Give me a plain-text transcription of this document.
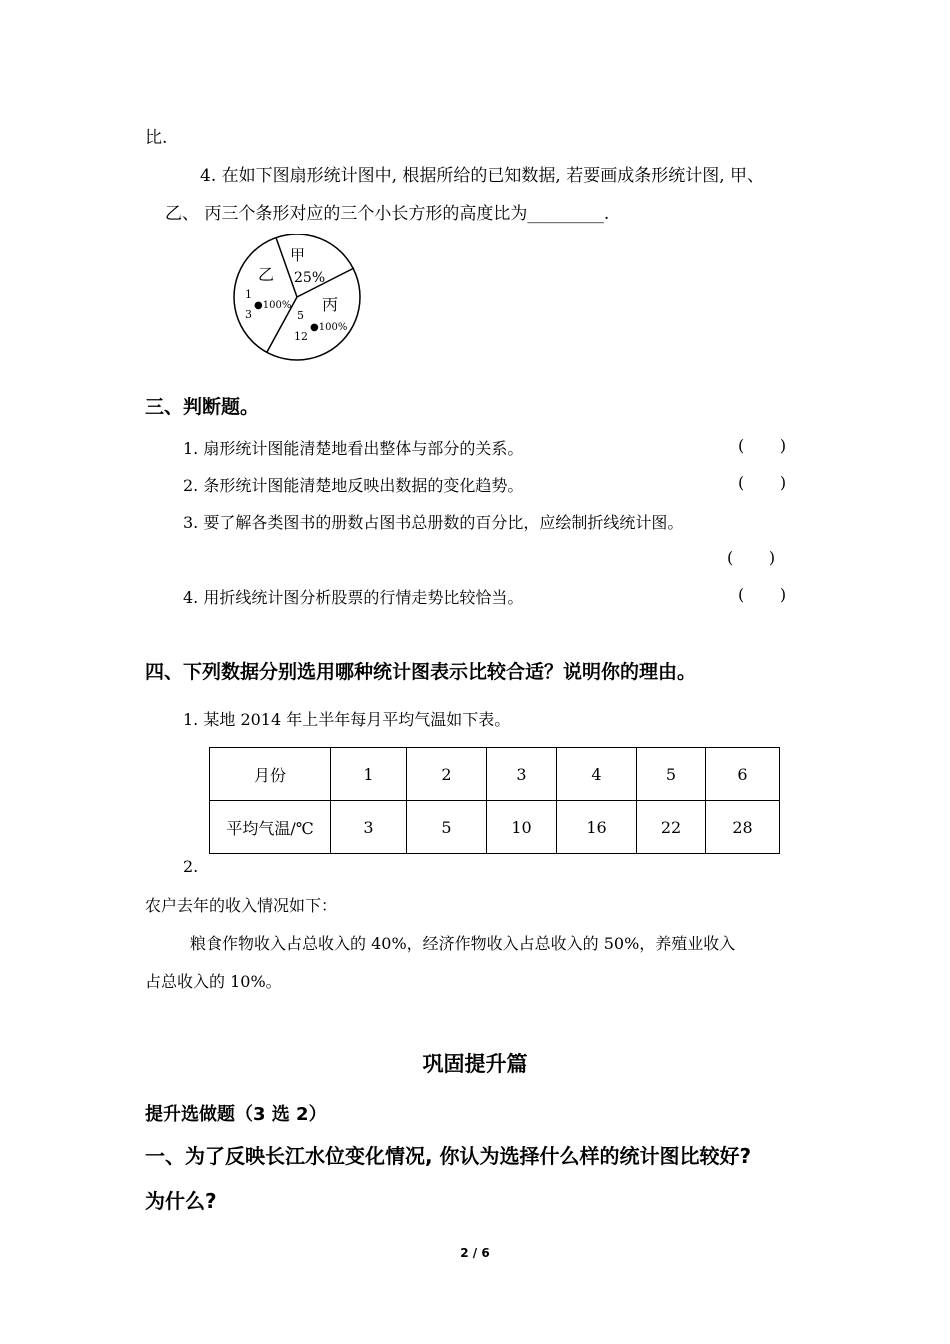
比.
4. 在如下图扇形统计图中, 根据所给的已知数据, 若要画成条形统计图, 甲、
乙、 丙三个条形对应的三个小长方形的高度比为_________.
甲
25%
乙
1
●100%
3
丙
5
●100%
12
三、判断题。
1. 扇形统计图能清楚地看出整体与部分的关系。	(       )
2. 条形统计图能清楚地反映出数据的变化趋势。	(       )
3. 要了解各类图书的册数占图书总册数的百分比，应绘制折线统计图。
(       )
4. 用折线统计图分析股票的行情走势比较恰当。	(       )
四、下列数据分别选用哪种统计图表示比较合适？说明你的理由。
1. 某地 2014 年上半年每月平均气温如下表。
月份	1	2	3	4	5	6
平均气温/℃	3	5	10	16	22	28
2.
农户去年的收入情况如下：
粮食作物收入占总收入的 40%，经济作物收入占总收入的 50%，养殖业收入
占总收入的 10%。
巩固提升篇
提升选做题（3 选 2）
一、为了反映长江水位变化情况, 你认为选择什么样的统计图比较好?
为什么?
2 / 6
